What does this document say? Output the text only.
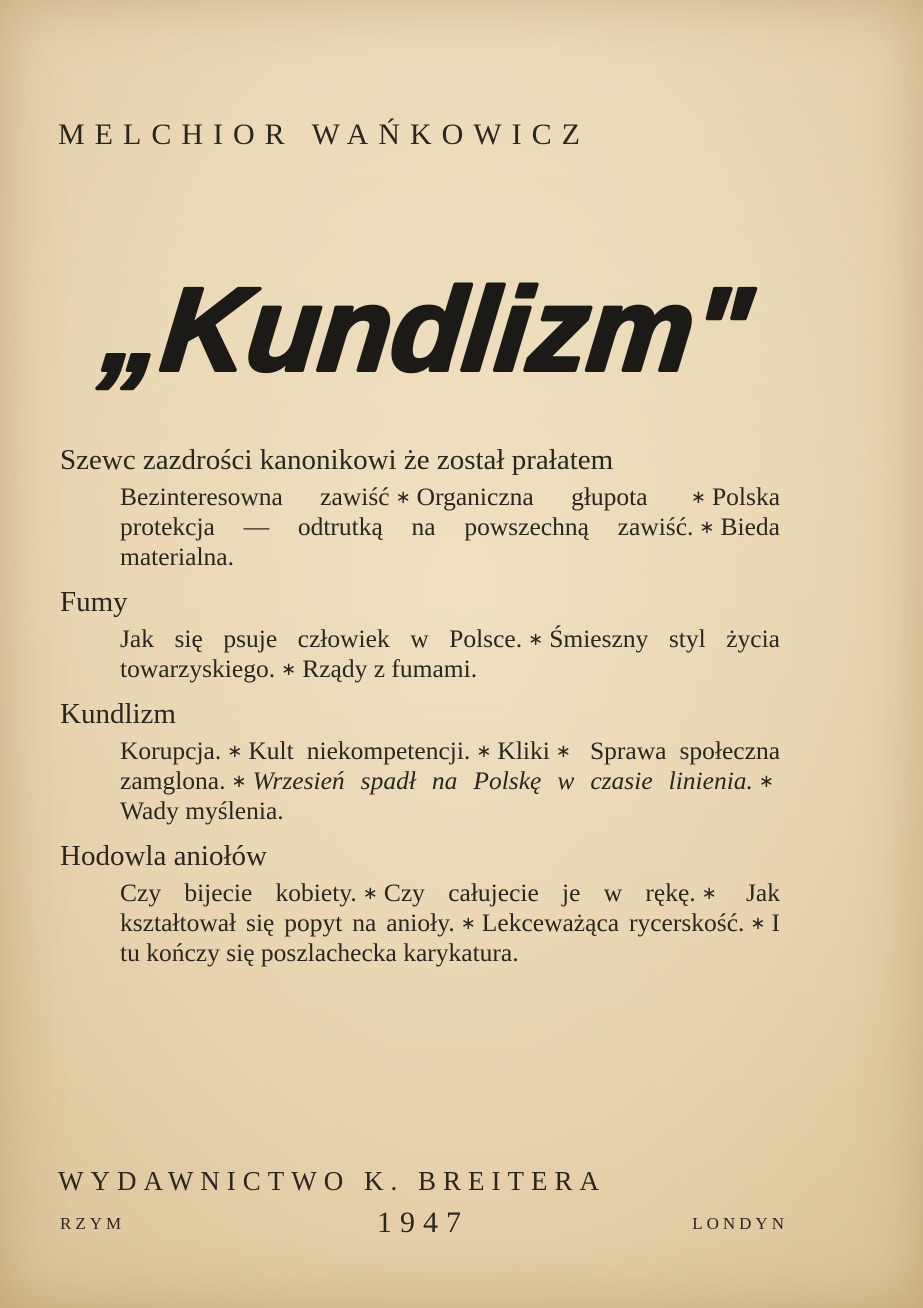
MELCHIOR WAŃKOWICZ
„Kundlizm"
Szewc zazdrości kanonikowi że został prałatem
Bezinteresowna zawiść ∗ Organiczna głupota ∗ Polska protekcja — odtrutką na powszechną zawiść. ∗ Bieda materialna.
Fumy
Jak się psuje człowiek w Polsce. ∗ Śmieszny styl życia towarzyskiego. ∗ Rządy z fumami.
Kundlizm
Korupcja. ∗ Kult niekompetencji. ∗ Kliki ∗ Sprawa społeczna zamglona. ∗ Wrzesień spadł na Polskę w czasie linienia. ∗Wady myślenia.
Hodowla aniołów
Czy bijecie kobiety. ∗ Czy całujecie je w rękę. ∗ Jak kształtował się popyt na anioły. ∗ Lekceważąca rycerskość. ∗ I tu kończy się poszlachecka karykatura.
WYDAWNICTWO K. BREITERA
RZYM	1947	LONDYN
